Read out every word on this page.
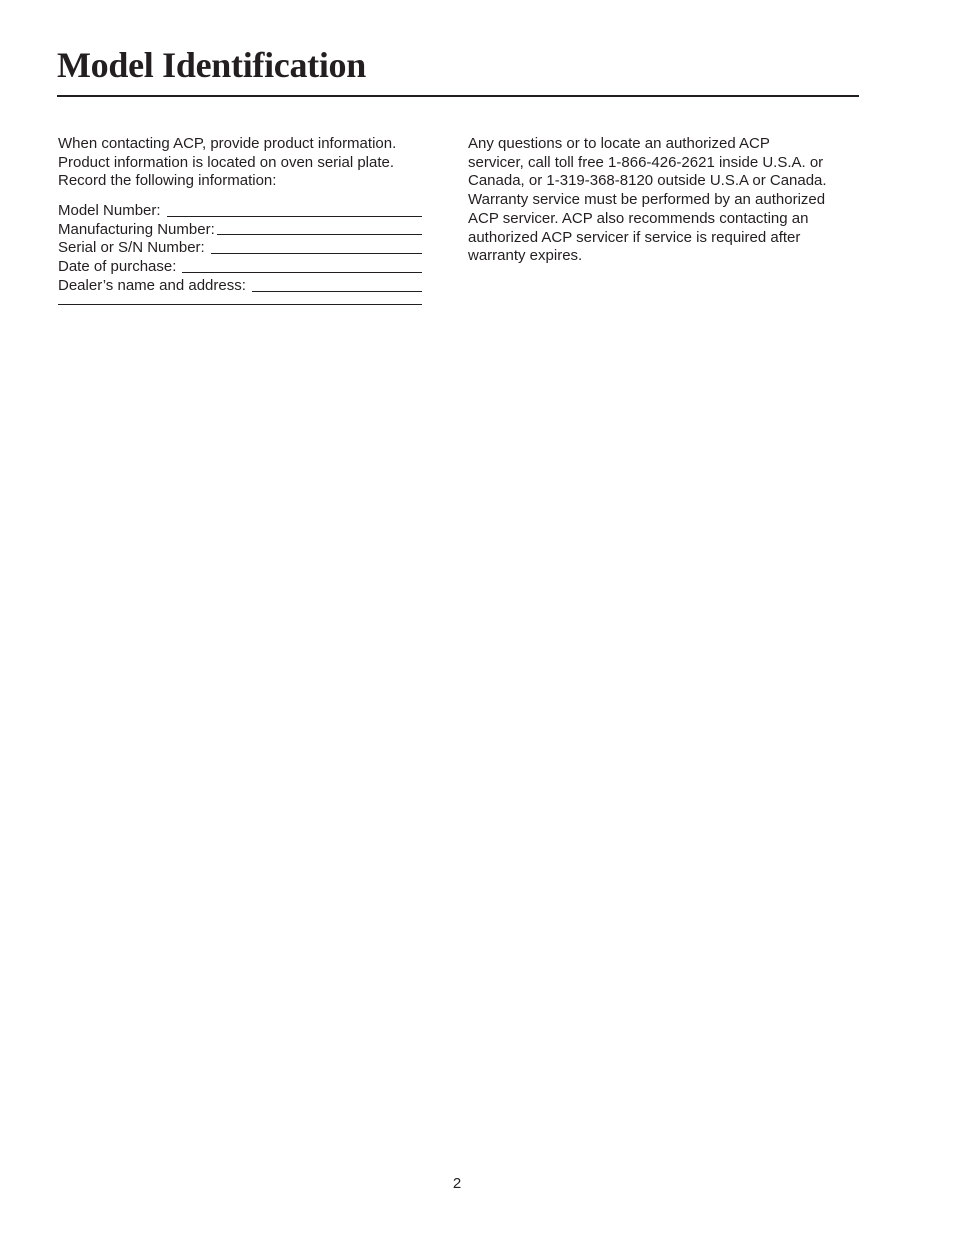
Model Identification

When contacting ACP, provide product information.

Product information is located on oven serial plate.

Record the following information:

Model Number:
Manufacturing Number:
Serial or S/N Number:
Date of purchase:
Dealer’s name and address:

Any questions or to locate an authorized ACP

servicer, call toll free 1-866-426-2621 inside U.S.A. or

Canada, or 1-319-368-8120 outside U.S.A or Canada.

Warranty service must be performed by an authorized

ACP servicer. ACP also recommends contacting an

authorized ACP servicer if service is required after

warranty expires.

2
